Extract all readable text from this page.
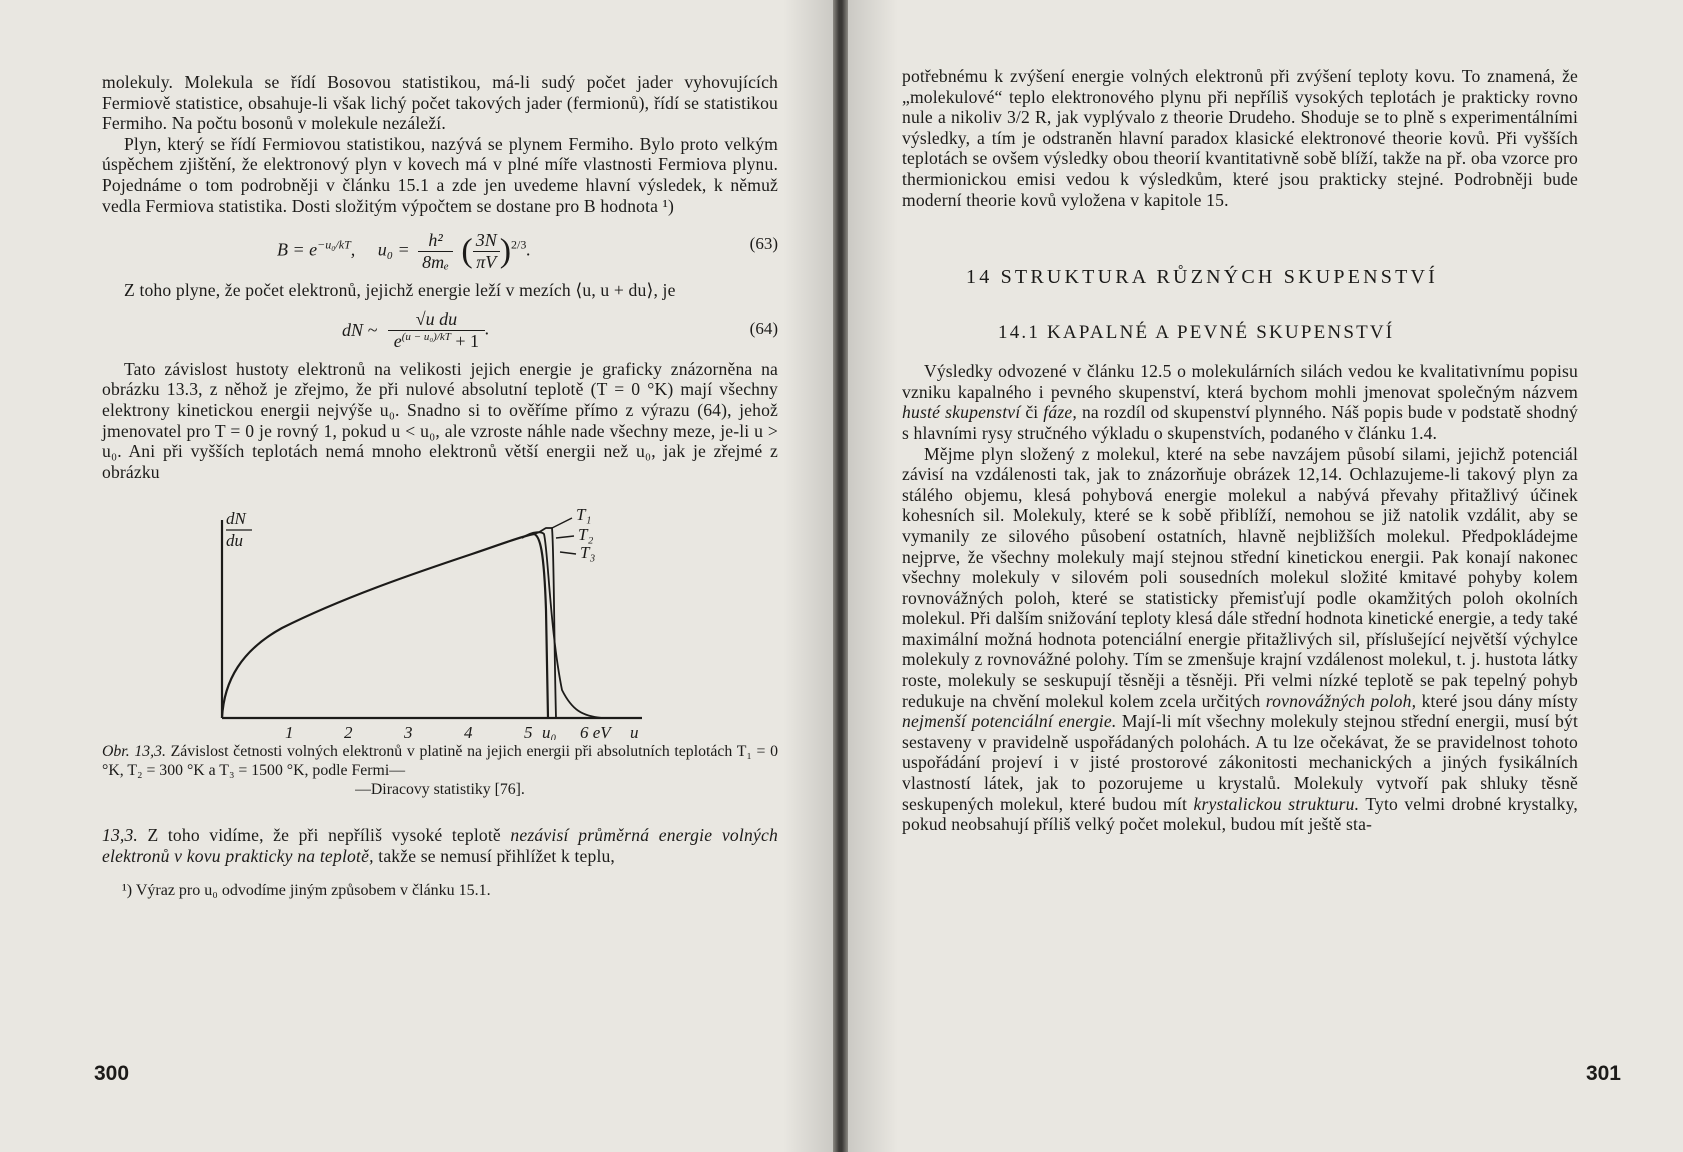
molekuly. Molekula se řídí Bosovou statistikou, má-li sudý počet jader vyhovujících Fermiově statistice, obsahuje-li však lichý počet takových jader (fermionů), řídí se statistikou Fermiho. Na počtu bosonů v molekule nezáleží.

Plyn, který se řídí Fermiovou statistikou, nazývá se plynem Fermiho. Bylo proto velkým úspěchem zjištění, že elektronový plyn v kovech má v plné míře vlastnosti Fermiova plynu. Pojednáme o tom podrobněji v článku 15.1 a zde jen uvedeme hlavní výsledek, k němuž vedla Fermiova statistika. Dosti složitým výpočtem se dostane pro B hodnota ¹)

$B = e^{-u_0/kT}$, $u_0 = \frac{\text{h²}}{\text{8mₑ}}$ ( $\frac{3N}{\pi V} )^{2/3}$.	(63)

Z toho plyne, že počet elektronů, jejichž energie leží v mezích ⟨u, u + du⟩, je

dN ~ $\frac{\text{√u du}}{e^{(u - u_0)/kT} + 1}$ .	(64)

Tato závislost hustoty elektronů na velikosti jejich energie je graficky znázorněna na obrázku 13.3, z něhož je zřejmo, že při nulové absolutní teplotě (T = 0 °K) mají všechny elektrony kinetickou energii nejvýše u₀. Snadno si to ověříme přímo z výrazu (64), jehož jmenovatel pro T = 0 je rovný 1, pokud u < u₀, ale vzroste náhle nade všechny meze, je-li u > u₀. Ani při vyšších teplotách nemá mnoho elektronů větší energii než u₀, jak je zřejmé z obrázku

dN
du
T₁
T₂
T₃
1	2	3	4	5 u₀ 6 eV u

Obr. 13,3. Závislost četnosti volných elektronů v platině na jejich energii při absolutních teplotách T₁ = 0 °K, T₂ = 300 °K a T₃ = 1500 °K, podle Fermi—
—Diracovy statistiky [76].

13,3. Z toho vidíme, že při nepříliš vysoké teplotě nezávisí průměrná energie volných elektronů v kovu prakticky na teplotě, takže se nemusí přihlížet k teplu,

¹) Výraz pro u₀ odvodíme jiným způsobem v článku 15.1.

300

potřebnému k zvýšení energie volných elektronů při zvýšení teploty kovu. To znamená, že „molekulové“ teplo elektronového plynu při nepříliš vysokých teplotách je prakticky rovno nule a nikoliv 3/2 R, jak vyplývalo z theorie Drudeho. Shoduje se to plně s experimentálními výsledky, a tím je odstraněn hlavní paradox klasické elektronové theorie kovů. Při vyšších teplotách se ovšem výsledky obou theorií kvantitativně sobě blíží, takže na př. oba vzorce pro thermionickou emisi vedou k výsledkům, které jsou prakticky stejné. Podrobněji bude moderní theorie kovů vyložena v kapitole 15.

14 STRUKTURA RŮZNÝCH SKUPENSTVÍ
14.1 KAPALNÉ A PEVNÉ SKUPENSTVÍ

Výsledky odvozené v článku 12.5 o molekulárních silách vedou ke kvalitativnímu popisu vzniku kapalného i pevného skupenství, která bychom mohli jmenovat společným názvem husté skupenství či fáze, na rozdíl od skupenství plynného. Náš popis bude v podstatě shodný s hlavními rysy stručného výkladu o skupenstvích, podaného v článku 1.4.

Mějme plyn složený z molekul, které na sebe navzájem působí silami, jejichž potenciál závisí na vzdálenosti tak, jak to znázorňuje obrázek 12,14. Ochlazujeme-li takový plyn za stálého objemu, klesá pohybová energie molekul a nabývá převahy přitažlivý účinek kohesních sil. Molekuly, které se k sobě přiblíží, nemohou se již natolik vzdálit, aby se vymanily ze silového působení ostatních, hlavně nejbližších molekul. Předpokládejme nejprve, že všechny molekuly mají stejnou střední kinetickou energii. Pak konají nakonec všechny molekuly v silovém poli sousedních molekul složité kmitavé pohyby kolem rovnovážných poloh, které se statisticky přemisťují podle okamžitých poloh okolních molekul. Při dalším snižování teploty klesá dále střední hodnota kinetické energie, a tedy také maximální možná hodnota potenciální energie přitažlivých sil, příslušející největší výchylce molekuly z rovnovážné polohy. Tím se zmenšuje krajní vzdálenost molekul, t. j. hustota látky roste, molekuly se seskupují těsněji a těsněji. Při velmi nízké teplotě se pak tepelný pohyb redukuje na chvění molekul kolem zcela určitých rovnovážných poloh, které jsou dány místy nejmenší potenciální energie. Mají-li mít všechny molekuly stejnou střední energii, musí být sestaveny v pravidelně uspořádaných polohách. A tu lze očekávat, že se pravidelnost tohoto uspořádání projeví i v jisté prostorové zákonitosti mechanických a jiných fysikálních vlastností látek, jak to pozorujeme u krystalů. Molekuly vytvoří pak shluky těsně seskupených molekul, které budou mít krystalickou strukturu. Tyto velmi drobné krystalky, pokud neobsahují příliš velký počet molekul, budou mít ještě sta-

301
